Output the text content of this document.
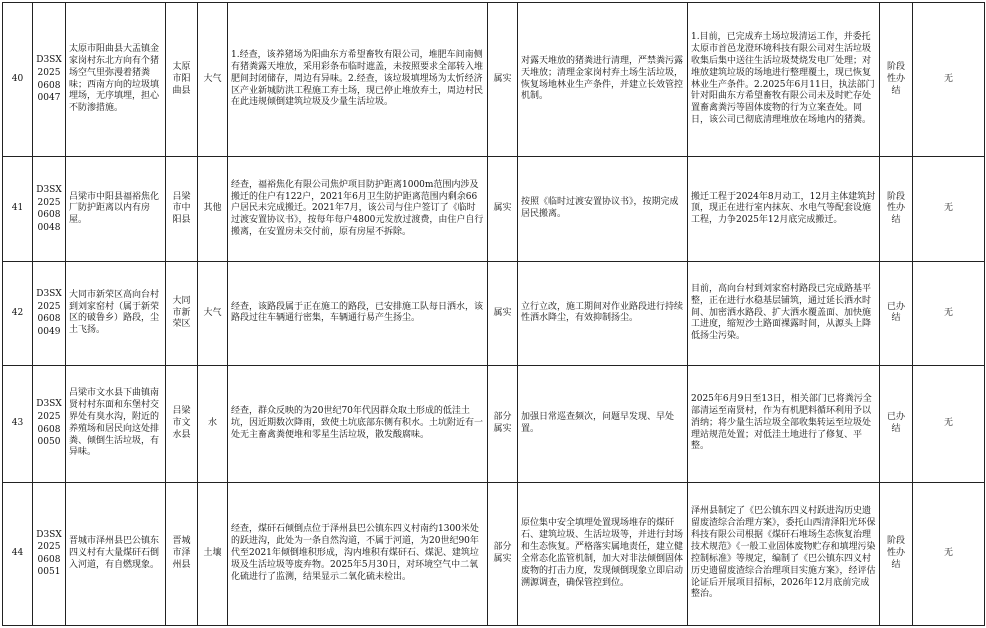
40	D3SX202506080047	太原市阳曲县大盂镇金家岗村东北方向有个猪场空气里弥漫着猪粪味；西南方向的垃圾填埋场，无序填埋，担心不防渗措施。	太原市阳曲县	大气	1.经查，该养猪场为阳曲东方希望畜牧有限公司，堆肥车间南侧有猪粪露天堆放，采用彩条布临时遮盖，未按照要求全部转入堆肥间封闭储存，周边有异味。2.经查，该垃圾填埋场为太忻经济区产业新城防洪工程施工弃土场，现已停止堆放弃土，周边村民在此违规倾倒建筑垃圾及少量生活垃圾。	属实	对露天堆放的猪粪进行清理，严禁粪污露天堆放；清理金家岗村弃土场生活垃圾，恢复场地林业生产条件，并建立长效管控机制。	1.目前，已完成弃土场垃圾清运工作，并委托太原市首邑龙澄环境科技有限公司对生活垃圾收集后集中送往生活垃圾焚烧发电厂处理；对堆放建筑垃圾的场地进行整理覆土，现已恢复林业生产条件。2.2025年6月11日，执法部门针对阳曲东方希望畜牧有限公司未及时贮存处置畜禽粪污等固体废物的行为立案查处。同日，该公司已彻底清理堆放在场地内的猪粪。	阶段性办结	无
41	D3SX202506080048	吕梁市中阳县福裕焦化厂防护距离以内有房屋。	吕梁市中阳县	其他	经查，福裕焦化有限公司焦炉项目防护距离1000m范围内涉及搬迁的住户有122户，2021年6月卫生防护距离范围内剩余66户居民未完成搬迁。2021年7月，该公司与住户签订了《临时过渡安置协议书》，按每年每户4800元发放过渡费，由住户自行搬离，在安置房未交付前，原有房屋不拆除。	属实	按照《临时过渡安置协议书》，按期完成居民搬离。	搬迁工程于2024年8月动工，12月主体建筑封顶，现正在进行室内抹灰、水电气等配套设施工程，力争2025年12月底完成搬迁。	阶段性办结	无
42	D3SX202506080049	大同市新荣区高向台村到刘家窑村（属于新荣区的破鲁乡）路段，尘土飞扬。	大同市新荣区	大气	经查，该路段属于正在施工的路段，已安排施工队每日洒水，该路段过往车辆通行密集，车辆通行易产生扬尘。	属实	立行立改，施工期间对作业路段进行持续性洒水降尘，有效抑制扬尘。	目前，高向台村到刘家窑村路段已完成路基平整，正在进行水稳基层铺筑，通过延长洒水时间、加密洒水路段、扩大洒水覆盖面、加快施工进度，缩短沙土路面裸露时间，从源头上降低扬尘污染。	已办结	无
43	D3SX202506080050	吕梁市文水县下曲镇南贤村村东面和东堡村交界处有臭水沟，附近的养殖场和居民向这处排粪、倾倒生活垃圾，有异味。	吕梁市文水县	水	经查，群众反映的为20世纪70年代因群众取土形成的低洼土坑，因近期数次降雨，致使土坑底部东侧有积水。土坑附近有一处无主畜禽粪便堆和零星生活垃圾，散发酸腐味。	部分属实	加强日常巡查频次，问题早发现、早处置。	2025年6月9日至13日，相关部门已将粪污全部清运至南贤村，作为有机肥料循环利用予以消纳；将少量生活垃圾全部收集转运至垃圾处理站规范处置；对低洼土地进行了修复、平整。	已办结	无
44	D3SX202506080051	晋城市泽州县巴公镇东四义村有大量煤矸石倒入河道，有自燃现象。	晋城市泽州县	土壤	经查，煤矸石倾倒点位于泽州县巴公镇东四义村南约1300米处的跃进沟，此处为一条自然沟道，不属于河道，为20世纪90年代至2021年倾倒堆积形成，沟内堆积有煤矸石、煤泥、建筑垃圾及生活垃圾等废弃物。2025年5月30日，对环境空气中二氧化硫进行了监测，结果显示二氧化硫未检出。	部分属实	原位集中安全填埋处置现场堆存的煤矸石、建筑垃圾、生活垃圾等，并进行封场和生态恢复。严格落实属地责任，建立健全常态化监管机制，加大对非法倾倒固体废物的打击力度，发现倾倒现象立即启动溯源调查，确保管控到位。	泽州县制定了《巴公镇东四义村跃进沟历史遗留废渣综合治理方案》，委托山西清泽阳光环保科技有限公司根据《煤矸石堆场生态恢复治理技术规范》《一般工业固体废物贮存和填埋污染控制标准》等规定，编制了《巴公镇东四义村历史遗留废渣综合治理项目实施方案》，经评估论证后开展项目招标，2026年12月底前完成整治。	阶段性办结	无
